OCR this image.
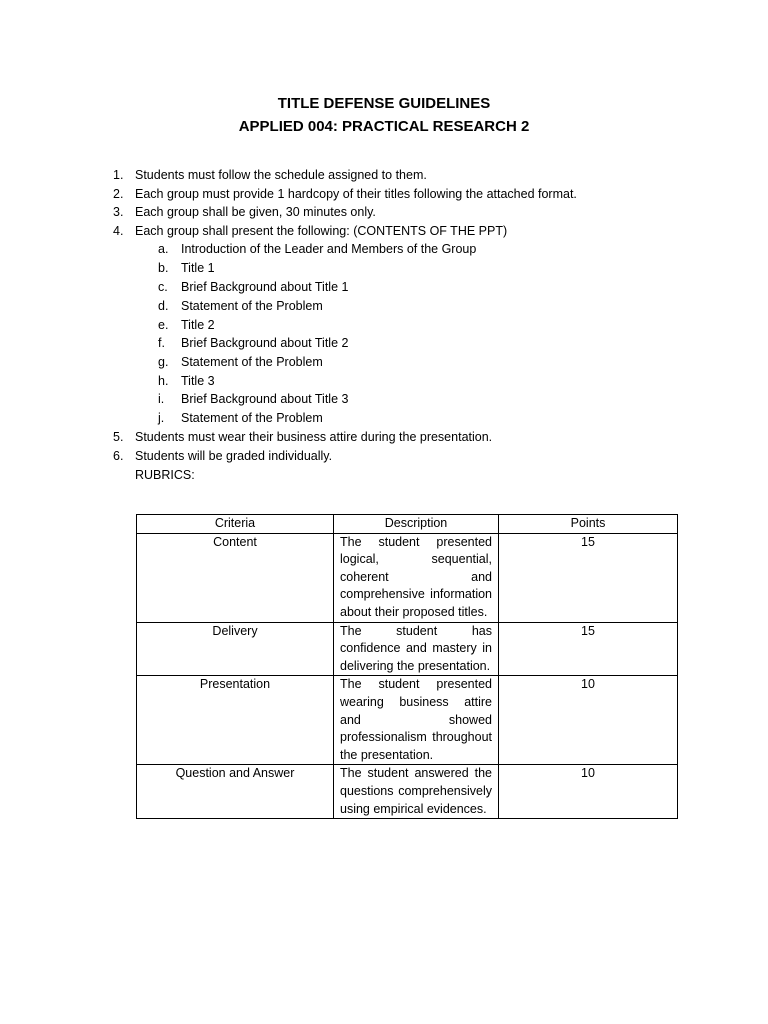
TITLE DEFENSE GUIDELINES
APPLIED 004: PRACTICAL RESEARCH 2
1. Students must follow the schedule assigned to them.
2. Each group must provide 1 hardcopy of their titles following the attached format.
3. Each group shall be given, 30 minutes only.
4. Each group shall present the following: (CONTENTS OF THE PPT)
a. Introduction of the Leader and Members of the Group
b. Title 1
c. Brief Background about Title 1
d. Statement of the Problem
e. Title 2
f. Brief Background about Title 2
g. Statement of the Problem
h. Title 3
i. Brief Background about Title 3
j. Statement of the Problem
5. Students must wear their business attire during the presentation.
6. Students will be graded individually.
RUBRICS:
Criteria	Description	Points
Content	The student presented logical, sequential, coherent and comprehensive information about their proposed titles.	15
Delivery	The student has confidence and mastery in delivering the presentation.	15
Presentation	The student presented wearing business attire and showed professionalism throughout the presentation.	10
Question and Answer	The student answered the questions comprehensively using empirical evidences.	10
